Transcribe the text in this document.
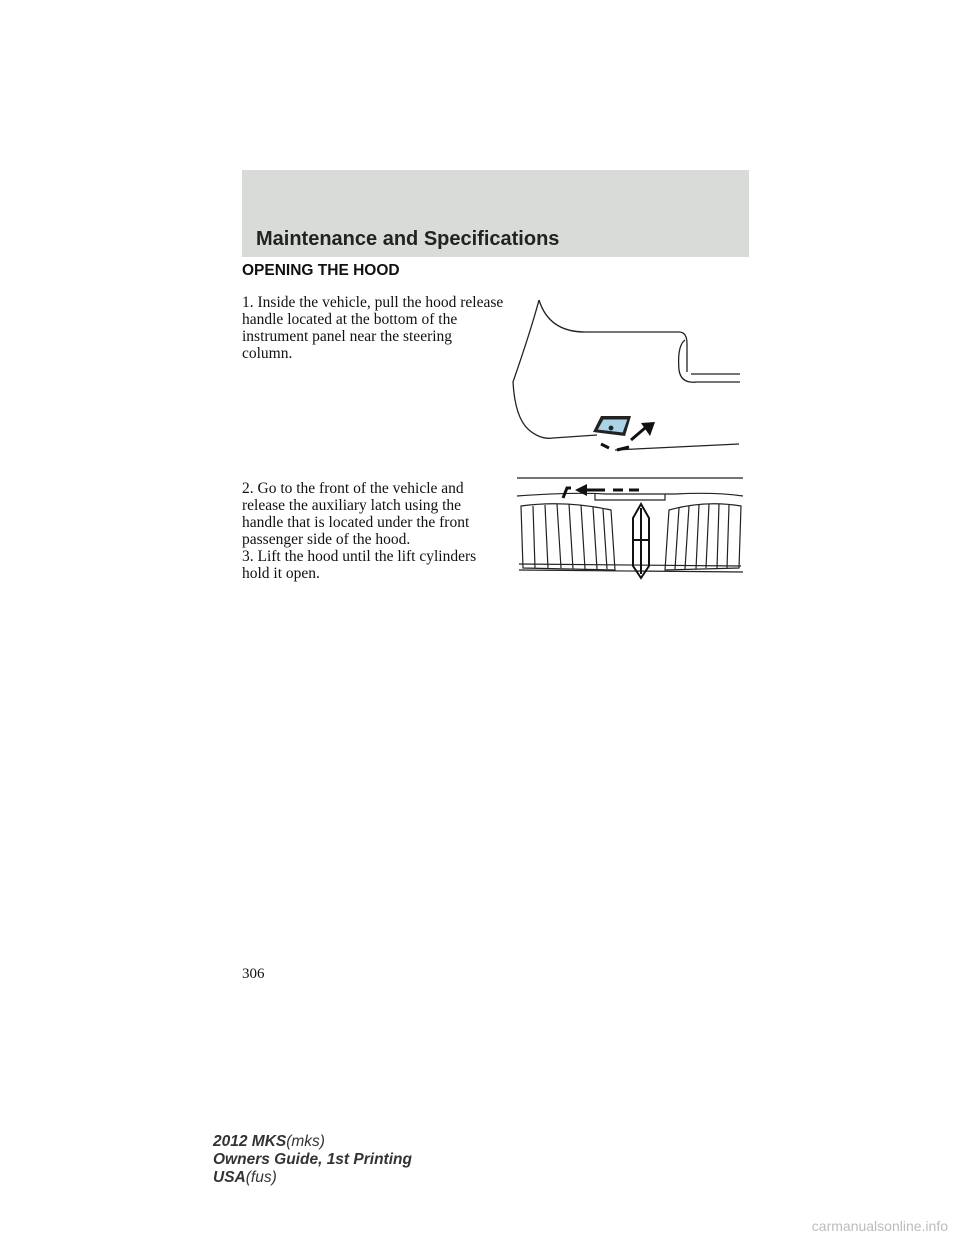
Maintenance and Specifications
OPENING THE HOOD

1. Inside the vehicle, pull the hood release handle located at the bottom of the instrument panel near the steering column.

2. Go to the front of the vehicle and release the auxiliary latch using the handle that is located under the front passenger side of the hood.

3. Lift the hood until the lift cylinders hold it open.

306
2012 MKS(mks)
Owners Guide, 1st Printing
USA(fus)
carmanualsonline.info
